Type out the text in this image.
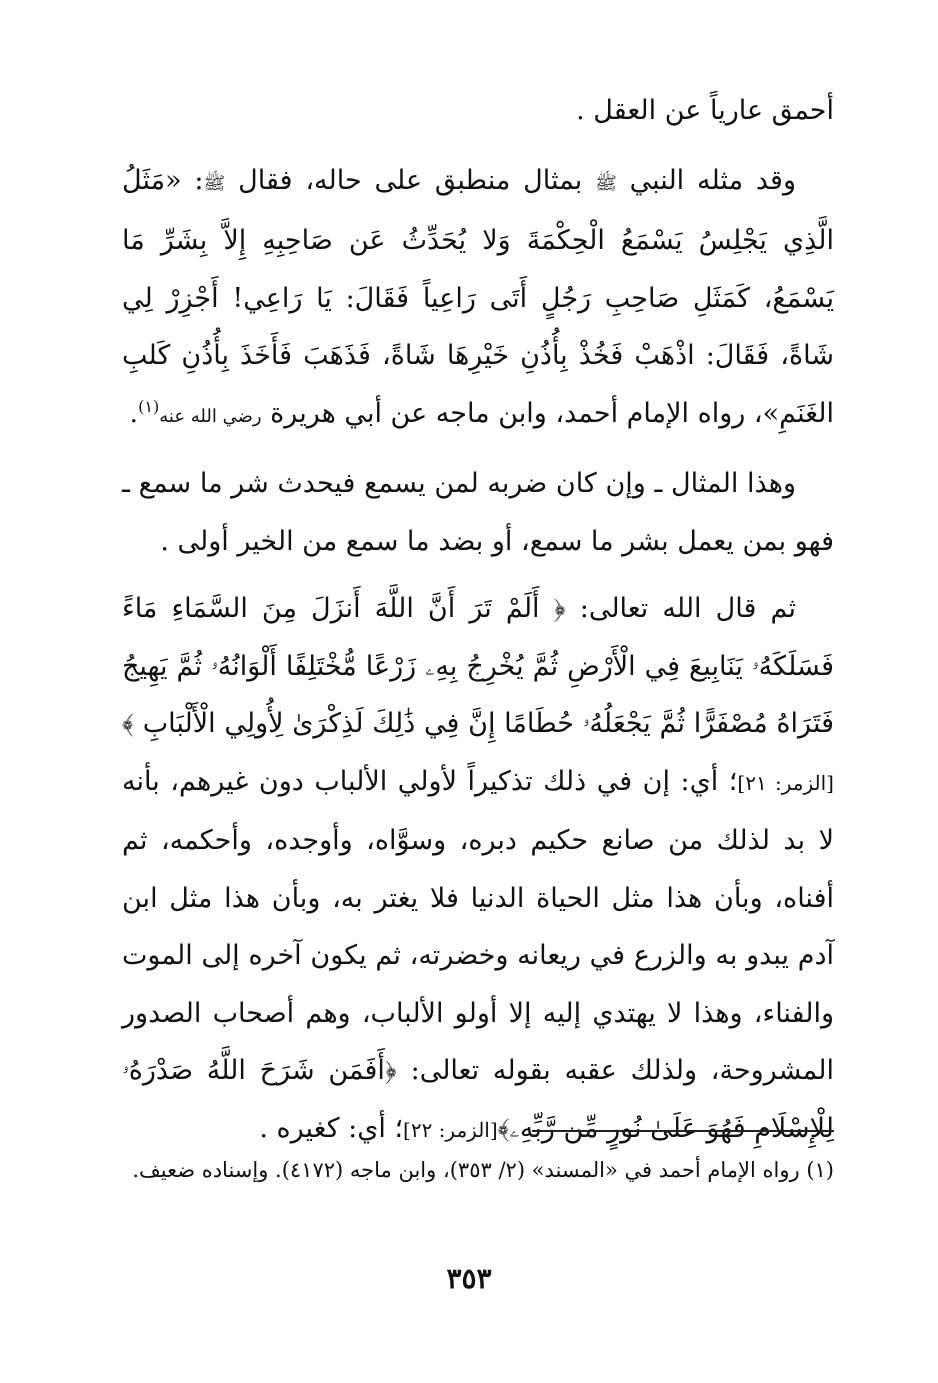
أحمق عارياً عن العقل .

وقد مثله النبي ﷺ بمثال منطبق على حاله، فقال ﷺ: «مَثَلُ الَّذِي يَجْلِسُ يَسْمَعُ الْحِكْمَةَ وَلا يُحَدِّثُ عَن صَاحِبِهِ إِلاَّ بِشَرِّ مَا يَسْمَعُ، كَمَثَلِ صَاحِبِ رَجُلٍ أَتَى رَاعِياً فَقَالَ: يَا رَاعِي! أَجْزِرْ لِي شَاةً، فَقَالَ: اذْهَبْ فَخُذْ بِأُذُنِ خَيْرِهَا شَاةً، فَذَهَبَ فَأَخَذَ بِأُذُنِ كَلبِ الغَنَمِ»، رواه الإمام أحمد، وابن ماجه عن أبي هريرة رضي الله عنه$^{(١)}$.

وهذا المثال ـ وإن كان ضربه لمن يسمع فيحدث شر ما سمع ـ فهو بمن يعمل بشر ما سمع، أو بضد ما سمع من الخير أولى .

ثم قال الله تعالى: ﴿ أَلَمْ تَرَ أَنَّ اللَّهَ أَنزَلَ مِنَ السَّمَاءِ مَاءً فَسَلَكَهُۥ يَنَابِيعَ فِي الْأَرْضِ ثُمَّ يُخْرِجُ بِهِۦ زَرْعًا مُّخْتَلِفًا أَلْوَانُهُۥ ثُمَّ يَهِيجُ فَتَرَاهُ مُصْفَرًّا ثُمَّ يَجْعَلُهُۥ حُطَامًا إِنَّ فِي ذَٰلِكَ لَذِكْرَىٰ لِأُولِي الْأَلْبَابِ ﴾[الزمر: ٢١]؛ أي: إن في ذلك تذكيراً لأولي الألباب دون غيرهم، بأنه لا بد لذلك من صانع حكيم دبره، وسوَّاه، وأوجده، وأحكمه، ثم أفناه، وبأن هذا مثل الحياة الدنيا فلا يغتر به، وبأن هذا مثل ابن آدم يبدو به والزرع في ريعانه وخضرته، ثم يكون آخره إلى الموت والفناء، وهذا لا يهتدي إليه إلا أولو الألباب، وهم أصحاب الصدور المشروحة، ولذلك عقبه بقوله تعالى: ﴿أَفَمَن شَرَحَ اللَّهُ صَدْرَهُۥ لِلْإِسْلَامِ فَهُوَ عَلَىٰ نُورٍ مِّن رَّبِّهِۦ﴾[الزمر: ٢٢]؛ أي: كغيره .

(١) رواه الإمام أحمد في «المسند» (٢/ ٣٥٣)، وابن ماجه (٤١٧٢). وإسناده ضعيف.
٣٥٣
